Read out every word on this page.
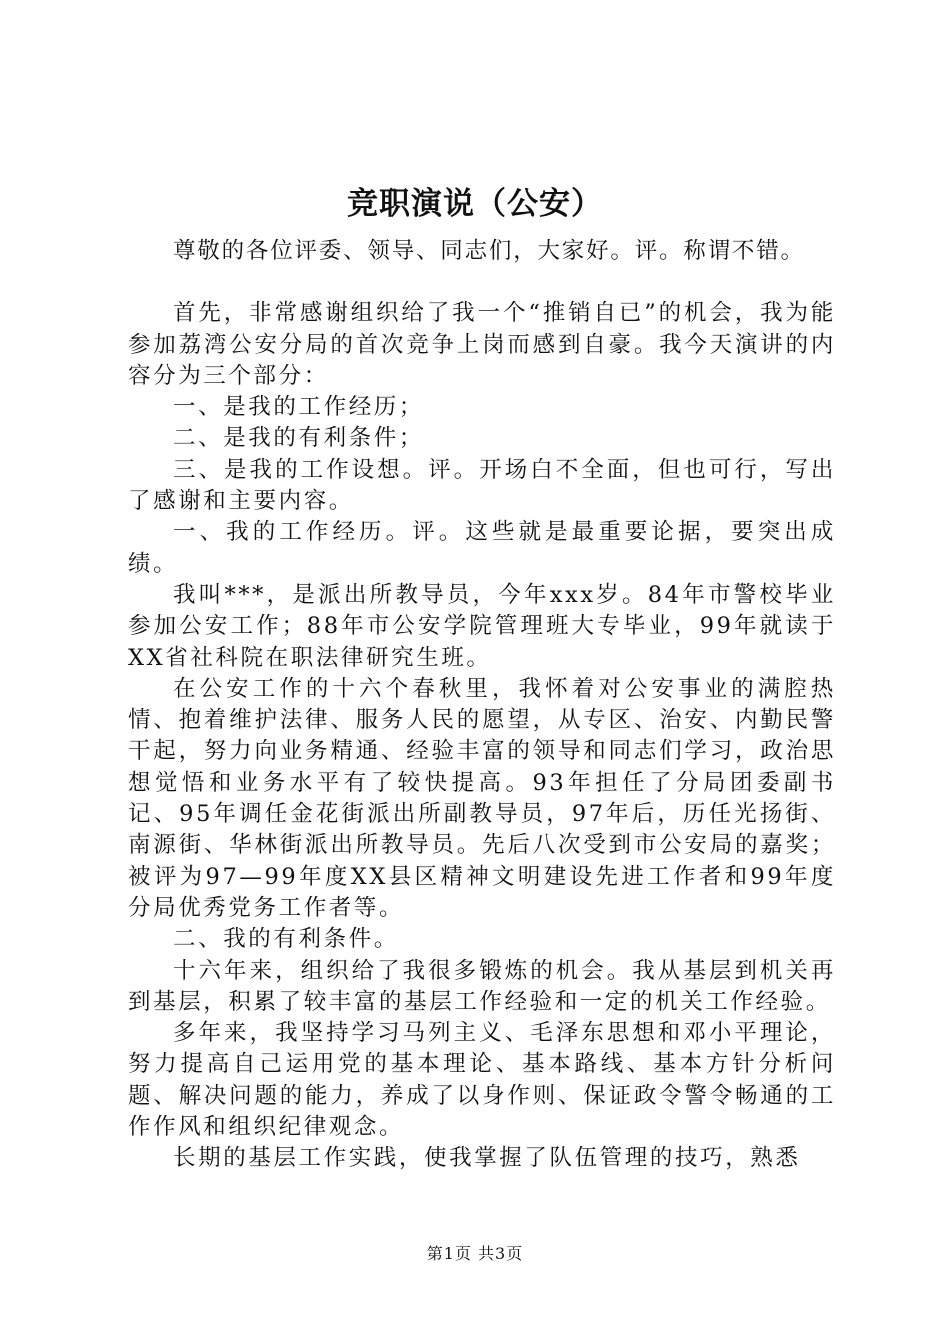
竞职演说（公安）

尊敬的各位评委、领导、同志们，大家好。评。称谓不错。

首先，非常感谢组织给了我一个“推销自已”的机会，我为能参加荔湾公安分局的首次竞争上岗而感到自豪。我今天演讲的内容分为三个部分：

一、是我的工作经历；

二、是我的有利条件；

三、是我的工作设想。评。开场白不全面，但也可行，写出了感谢和主要内容。

一、我的工作经历。评。这些就是最重要论据，要突出成绩。

我叫***，是派出所教导员，今年xxx岁。84年市警校毕业参加公安工作；88年市公安学院管理班大专毕业，99年就读于XX省社科院在职法律研究生班。

在公安工作的十六个春秋里，我怀着对公安事业的满腔热情、抱着维护法律、服务人民的愿望，从专区、治安、内勤民警干起，努力向业务精通、经验丰富的领导和同志们学习，政治思想觉悟和业务水平有了较快提高。93年担任了分局团委副书记、95年调任金花街派出所副教导员，97年后，历任光扬街、南源街、华林街派出所教导员。先后八次受到市公安局的嘉奖；被评为97—99年度XX县区精神文明建设先进工作者和99年度分局优秀党务工作者等。

二、我的有利条件。

十六年来，组织给了我很多锻炼的机会。我从基层到机关再到基层，积累了较丰富的基层工作经验和一定的机关工作经验。

多年来，我坚持学习马列主义、毛泽东思想和邓小平理论，努力提高自己运用党的基本理论、基本路线、基本方针分析问题、解决问题的能力，养成了以身作则、保证政令警令畅通的工作作风和组织纪律观念。

长期的基层工作实践，使我掌握了队伍管理的技巧，熟悉

第1页 共3页
